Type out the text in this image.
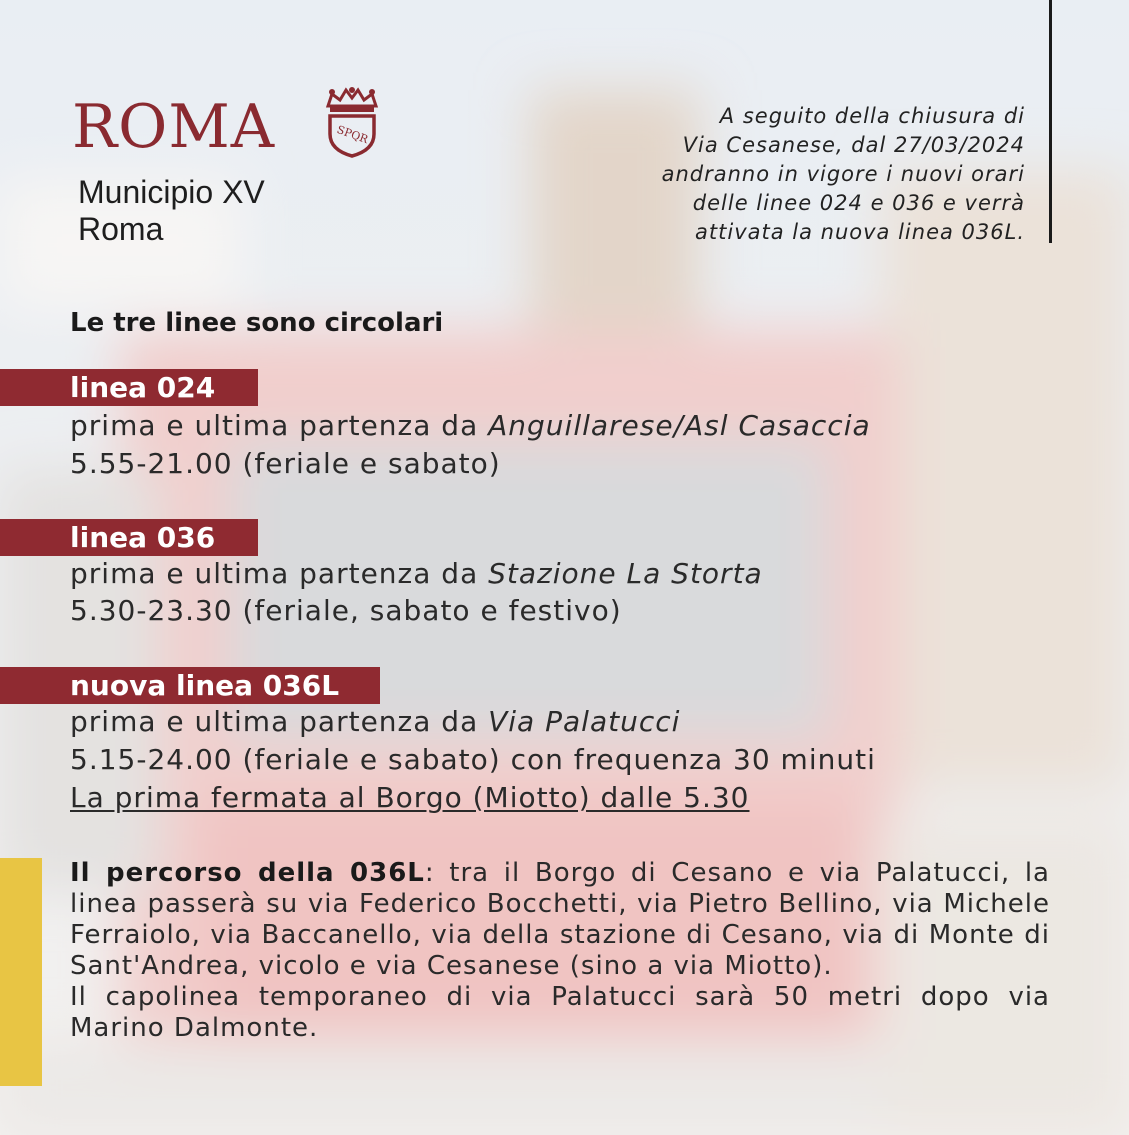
ROMA	SPQR
Municipio XV
Roma
A seguito della chiusura di
Via Cesanese, dal 27/03/2024
andranno in vigore i nuovi orari
delle linee 024 e 036 e verrà
attivata la nuova linea 036L.
Le tre linee sono circolari
linea 024
prima e ultima partenza da Anguillarese/Asl Casaccia
5.55-21.00 (feriale e sabato)
linea 036
prima e ultima partenza da Stazione La Storta
5.30-23.30 (feriale, sabato e festivo)
nuova linea 036L
prima e ultima partenza da Via Palatucci
5.15-24.00 (feriale e sabato) con frequenza 30 minuti
La prima fermata al Borgo (Miotto) dalle 5.30

Il percorso della 036L: tra il Borgo di Cesano e via Palatucci, la linea passerà su via Federico Bocchetti, via Pietro Bellino, via Michele Ferraiolo, via Baccanello, via della stazione di Cesano, via di Monte di Sant'Andrea, vicolo e via Cesanese (sino a via Miotto).

Il capolinea temporaneo di via Palatucci sarà 50 metri dopo via Marino Dalmonte.
